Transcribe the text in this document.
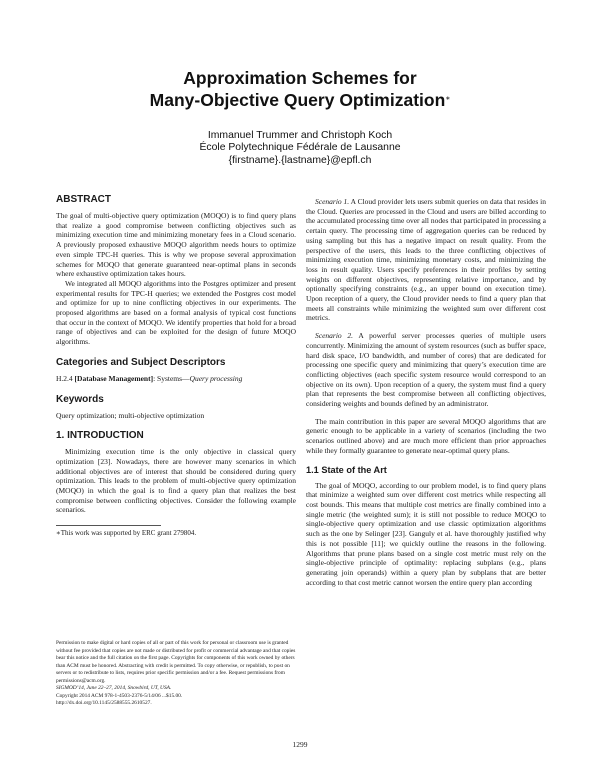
Approximation Schemes for
Many-Objective Query Optimization∗
Immanuel Trummer and Christoph Koch
École Polytechnique Fédérale de Lausanne
{firstname}.{lastname}@epfl.ch
ABSTRACT

The goal of multi-objective query optimization (MOQO) is to find query plans that realize a good compromise between conflicting objectives such as minimizing execution time and minimizing monetary fees in a Cloud scenario. A previously proposed exhaustive MOQO algorithm needs hours to optimize even simple TPC-H queries. This is why we propose several approximation schemes for MOQO that generate guaranteed near-optimal plans in seconds where exhaustive optimization takes hours.

We integrated all MOQO algorithms into the Postgres optimizer and present experimental results for TPC-H queries; we extended the Postgres cost model and optimize for up to nine conflicting objectives in our experiments. The proposed algorithms are based on a formal analysis of typical cost functions that occur in the context of MOQO. We identify properties that hold for a broad range of objectives and can be exploited for the design of future MOQO algorithms.

Categories and Subject Descriptors

H.2.4 [Database Management]: Systems—Query processing

Keywords

Query optimization; multi-objective optimization

1. INTRODUCTION

Minimizing execution time is the only objective in classical query optimization [23]. Nowadays, there are however many scenarios in which additional objectives are of interest that should be considered during query optimization. This leads to the problem of multi-objective query optimization (MOQO) in which the goal is to find a query plan that realizes the best compromise between conflicting objectives. Consider the following example scenarios.

∗This work was supported by ERC grant 279804.

Permission to make digital or hard copies of all or part of this work for personal or classroom use is granted without fee provided that copies are not made or distributed for profit or commercial advantage and that copies bear this notice and the full citation on the first page. Copyrights for components of this work owned by others than ACM must be honored. Abstracting with credit is permitted. To copy otherwise, or republish, to post on servers or to redistribute to lists, requires prior specific permission and/or a fee. Request permissions from permissions@acm.org.
SIGMOD’14, June 22–27, 2014, Snowbird, UT, USA.
Copyright 2014 ACM 978-1-4503-2376-5/14/06 ...$15.00.
http://dx.doi.org/10.1145/2588555.2610527.

Scenario 1. A Cloud provider lets users submit queries on data that resides in the Cloud. Queries are processed in the Cloud and users are billed according to the accumulated processing time over all nodes that participated in processing a certain query. The processing time of aggregation queries can be reduced by using sampling but this has a negative impact on result quality. From the perspective of the users, this leads to the three conflicting objectives of minimizing execution time, minimizing monetary costs, and minimizing the loss in result quality. Users specify preferences in their profiles by setting weights on different objectives, representing relative importance, and by optionally specifying constraints (e.g., an upper bound on execution time). Upon reception of a query, the Cloud provider needs to find a query plan that meets all constraints while minimizing the weighted sum over different cost metrics.

Scenario 2. A powerful server processes queries of multiple users concurrently. Minimizing the amount of system resources (such as buffer space, hard disk space, I/O bandwidth, and number of cores) that are dedicated for processing one specific query and minimizing that query’s execution time are conflicting objectives (each specific system resource would correspond to an objective on its own). Upon reception of a query, the system must find a query plan that represents the best compromise between all conflicting objectives, considering weights and bounds defined by an administrator.

The main contribution in this paper are several MOQO algorithms that are generic enough to be applicable in a variety of scenarios (including the two scenarios outlined above) and are much more efficient than prior approaches while they formally guarantee to generate near-optimal query plans.

1.1 State of the Art

The goal of MOQO, according to our problem model, is to find query plans that minimize a weighted sum over different cost metrics while respecting all cost bounds. This means that multiple cost metrics are finally combined into a single metric (the weighted sum); it is still not possible to reduce MOQO to single-objective query optimization and use classic optimization algorithms such as the one by Selinger [23]. Ganguly et al. have thoroughly justified why this is not possible [11]; we quickly outline the reasons in the following. Algorithms that prune plans based on a single cost metric must rely on the single-objective principle of optimality: replacing subplans (e.g., plans generating join operands) within a query plan by subplans that are better according to that cost metric cannot worsen the entire query plan according

1299
